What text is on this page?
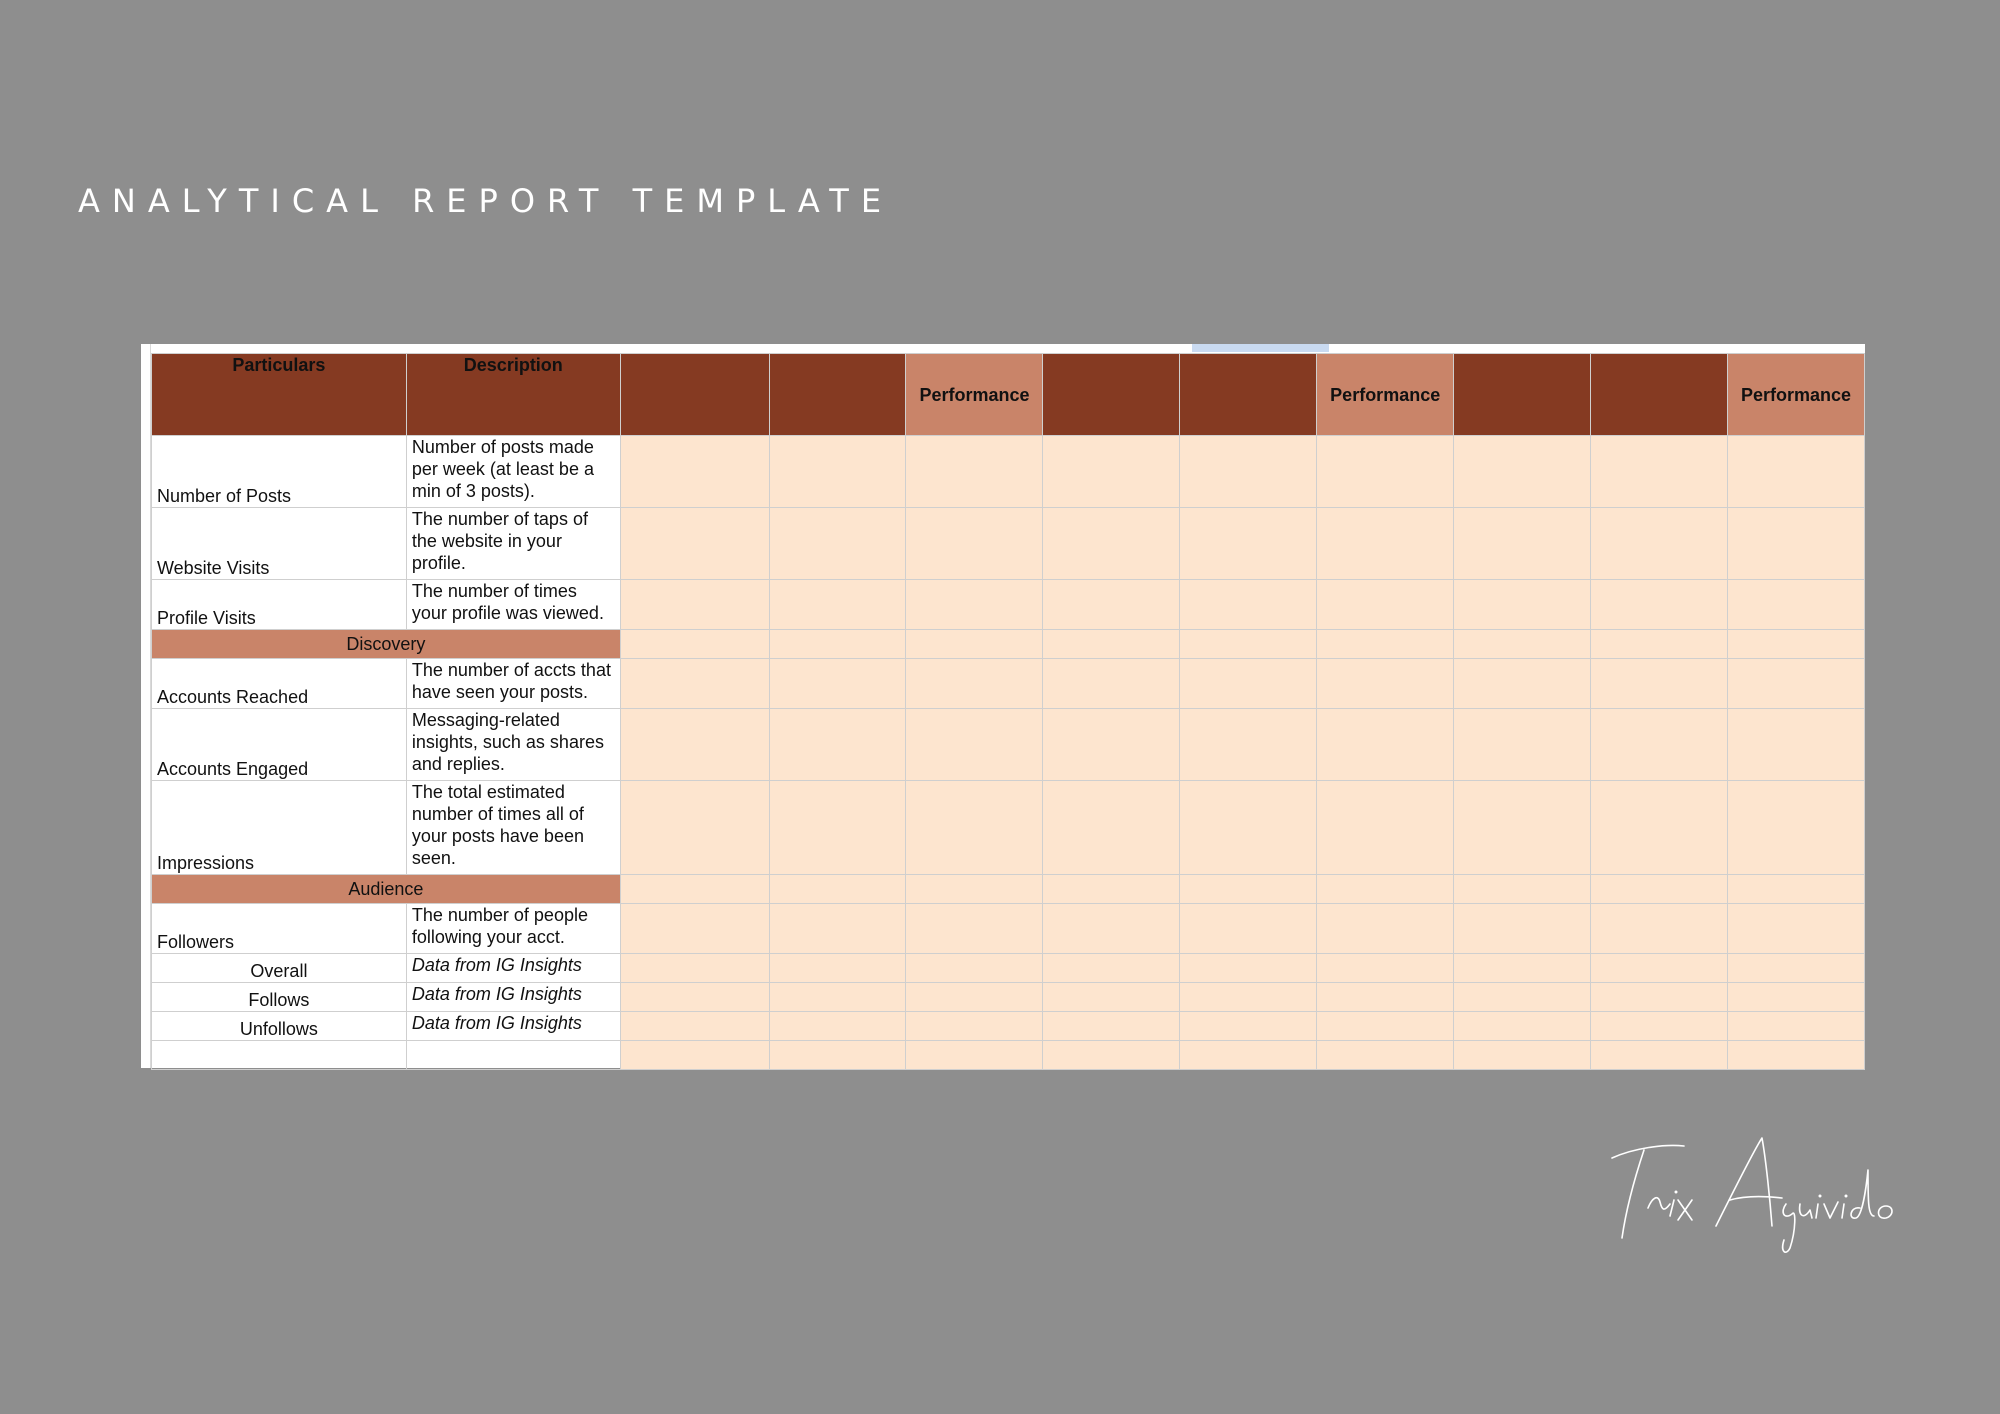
ANALYTICAL REPORT TEMPLATE
Particulars	Description			Performance			Performance			Performance
Number of Posts	Number of posts made per week (at least be a min of 3 posts).									
Website Visits	The number of taps of the website in your profile.									
Profile Visits	The number of times your profile was viewed.									
Discovery										
Accounts Reached	The number of accts that have seen your posts.									
Accounts Engaged	Messaging-related insights, such as shares and replies.									
Impressions	The total estimated number of times all of your posts have been seen.									
Audience										
Followers	The number of people following your acct.									
Overall	Data from IG Insights									
Follows	Data from IG Insights									
Unfollows	Data from IG Insights									
